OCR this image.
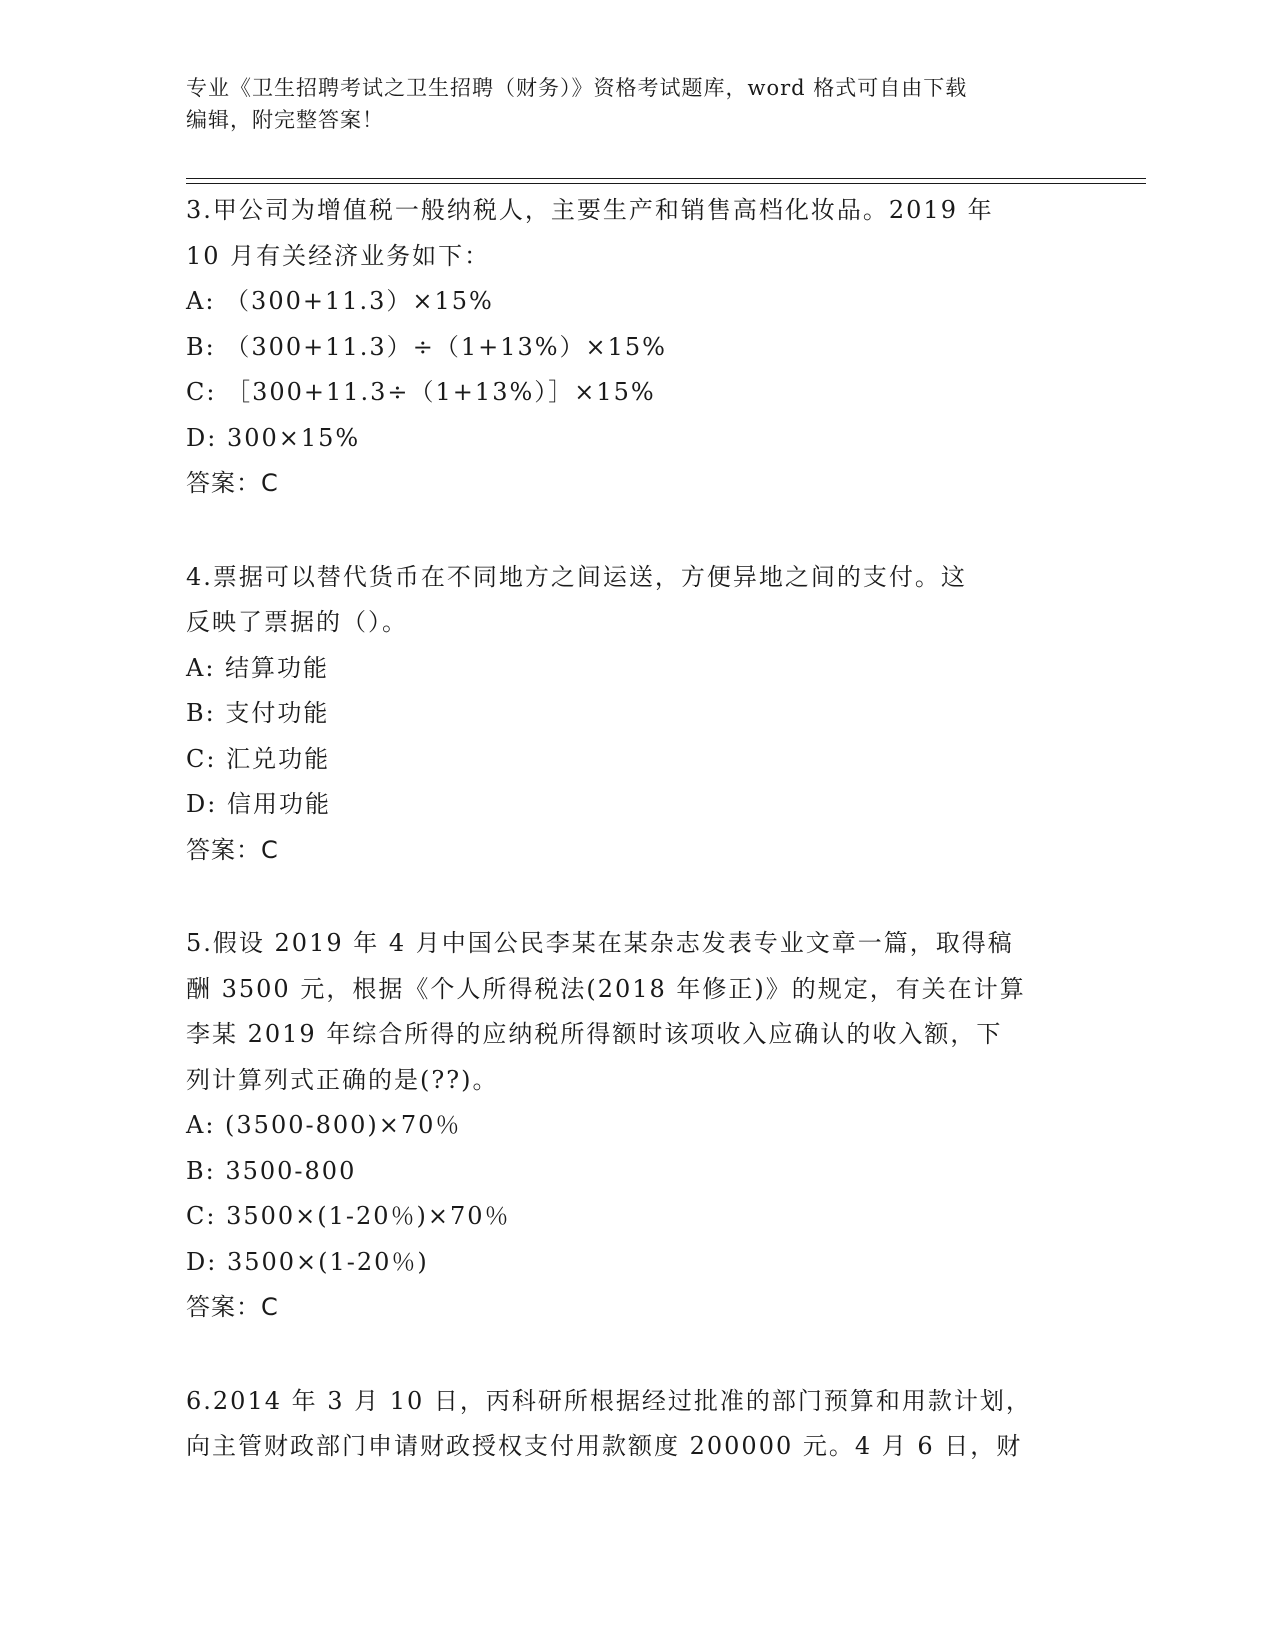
专业《卫生招聘考试之卫生招聘（财务）》资格考试题库，word 格式可自由下载
编辑，附完整答案！
3.甲公司为增值税一般纳税人，主要生产和销售高档化妆品。2019 年
10 月有关经济业务如下：
A: （300+11.3）×15%
B: （300+11.3）÷（1+13%）×15%
C: ［300+11.3÷（1+13%）］×15%
D: 300×15%
答案：C
4.票据可以替代货币在不同地方之间运送，方便异地之间的支付。这
反映了票据的（）。
A: 结算功能
B: 支付功能
C: 汇兑功能
D: 信用功能
答案：C
5.假设 2019 年 4 月中国公民李某在某杂志发表专业文章一篇，取得稿
酬 3500 元，根据《个人所得税法(2018 年修正)》的规定，有关在计算
李某 2019 年综合所得的应纳税所得额时该项收入应确认的收入额，下
列计算列式正确的是(??)。
A: (3500-800)×70％
B: 3500-800
C: 3500×(1-20％)×70％
D: 3500×(1-20％)
答案：C
6.2014 年 3 月 10 日，丙科研所根据经过批准的部门预算和用款计划，
向主管财政部门申请财政授权支付用款额度 200000 元。4 月 6 日，财
